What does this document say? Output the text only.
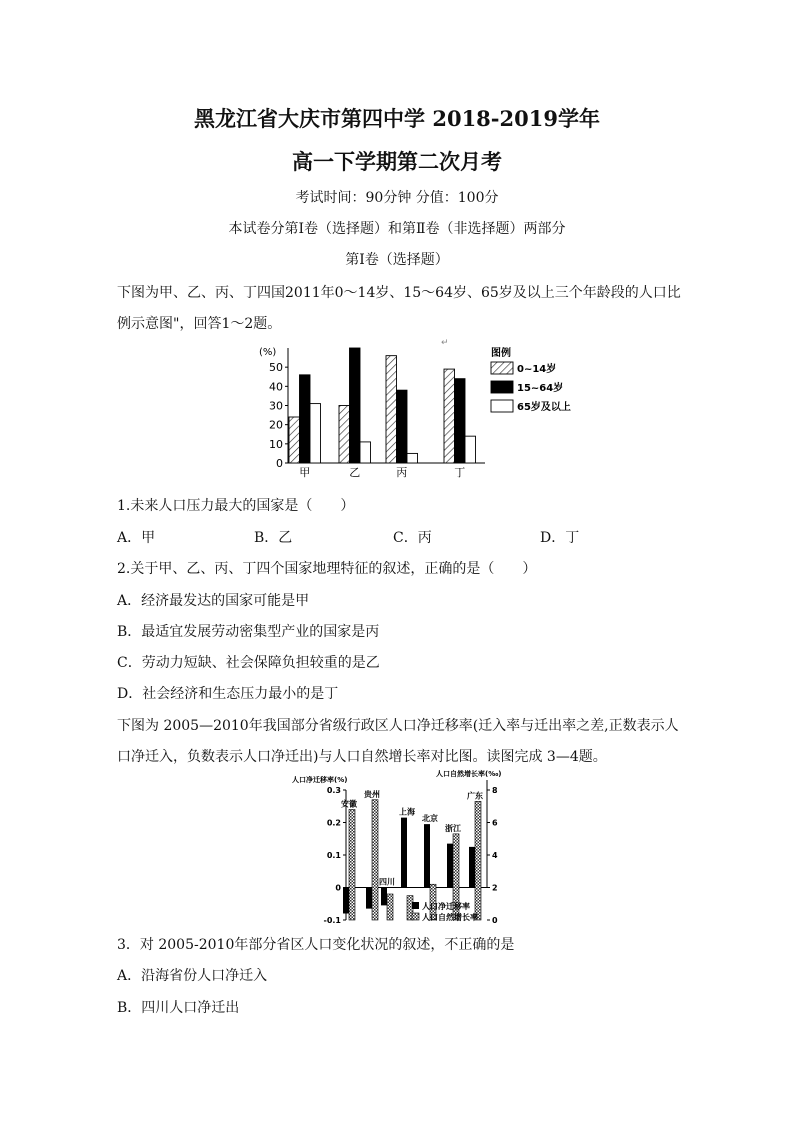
黑龙江省大庆市第四中学 2018-2019学年
高一下学期第二次月考
考试时间：90分钟 分值：100分
本试卷分第Ⅰ卷（选择题）和第Ⅱ卷（非选择题）两部分
第Ⅰ卷（选择题）
下图为甲、乙、丙、丁四国2011年0～14岁、15～64岁、65岁及以上三个年龄段的人口比
例示意图"，回答1～2题。
(%)
0
10
20
30
40
50
甲	乙	丙	丁
↵
图例
0~14岁
15~64岁
65岁及以上
1.未来人口压力最大的国家是（　　）
A．甲	B．乙	C．丙	D．丁
2.关于甲、乙、丙、丁四个国家地理特征的叙述，正确的是（　　）
A．经济最发达的国家可能是甲
B．最适宜发展劳动密集型产业的国家是丙
C．劳动力短缺、社会保障负担较重的是乙
D．社会经济和生态压力最小的是丁
下图为 2005—2010年我国部分省级行政区人口净迁移率(迁入率与迁出率之差,正数表示人
口净迁入，负数表示人口净迁出)与人口自然增长率对比图。读图完成 3—4题。
人口净迁移率(%)
人口自然增长率(‰)
-0.1
0
0.1
0.2
0.3
0
2
4
6
8
安徽
贵州
四川
上海
北京
浙江
广东
人口净迁移率
人口自然增长率
3．对 2005-2010年部分省区人口变化状况的叙述，不正确的是
A．沿海省份人口净迁入
B．四川人口净迁出
